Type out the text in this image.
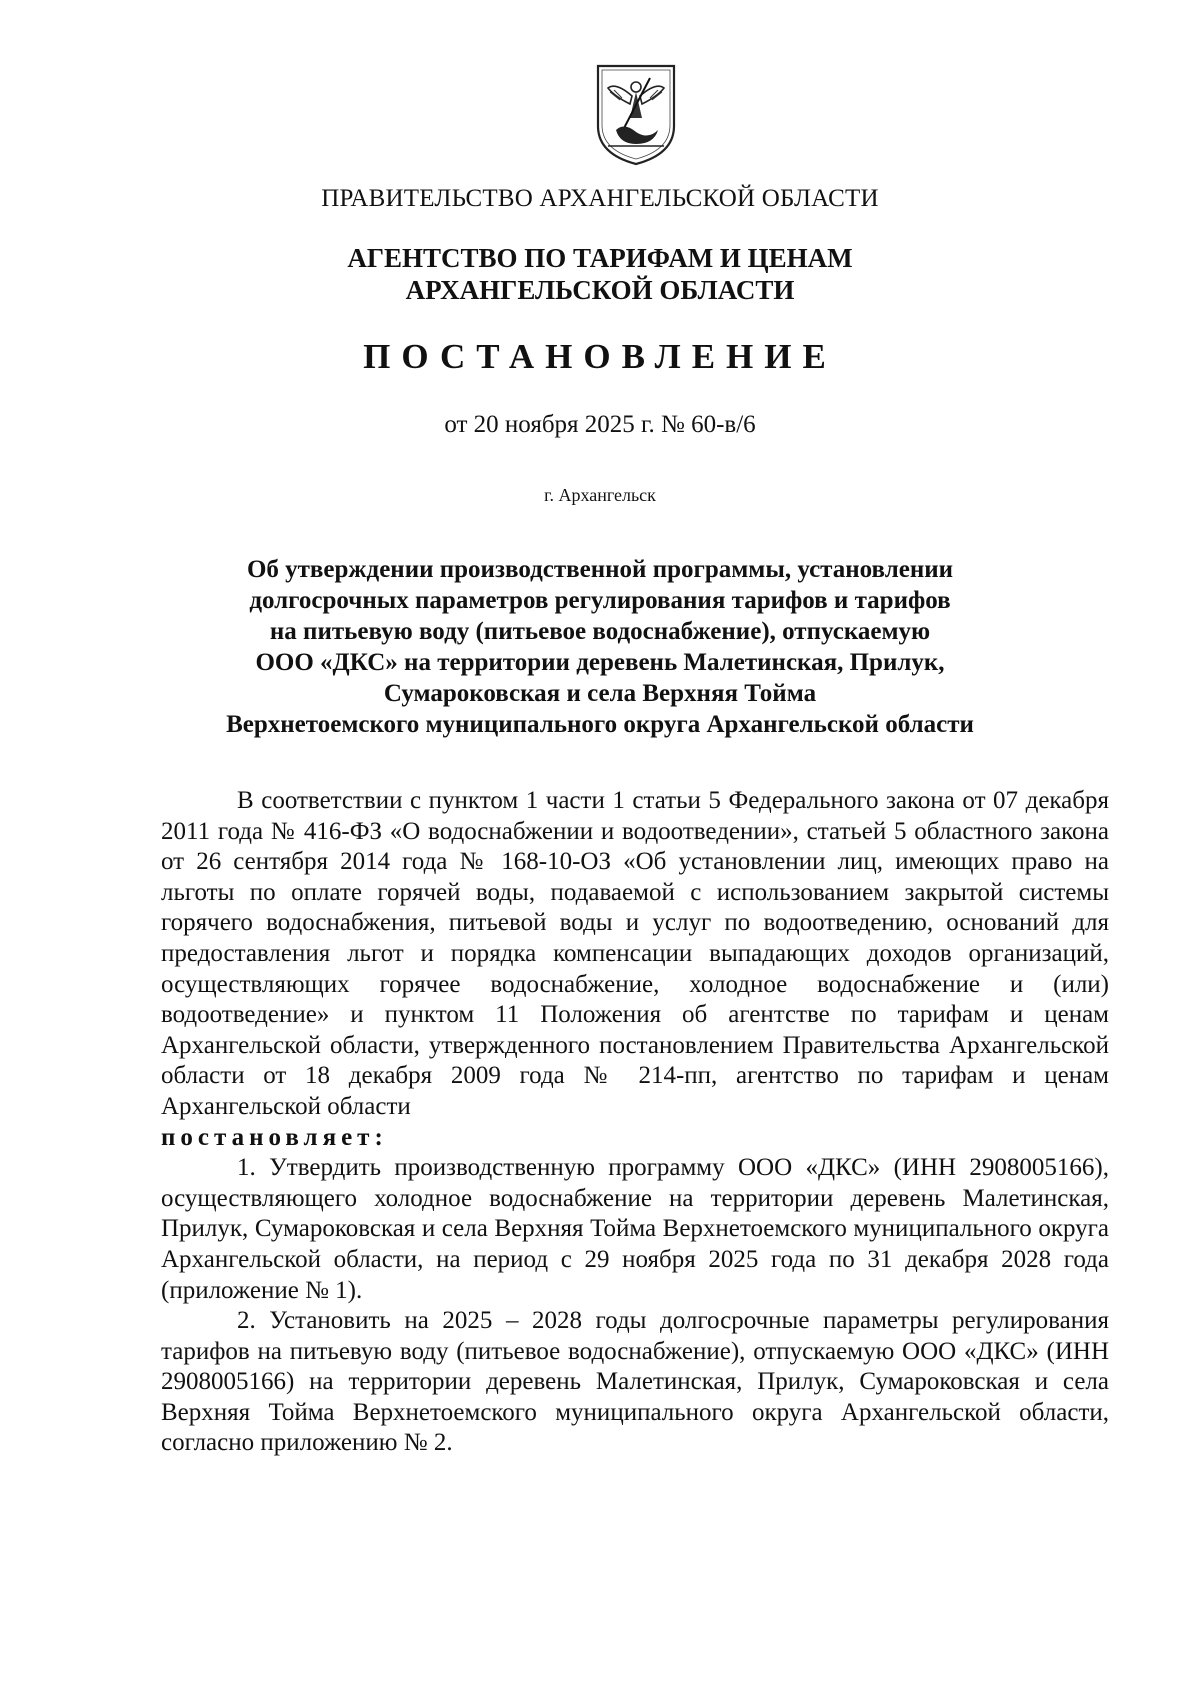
ПРАВИТЕЛЬСТВО АРХАНГЕЛЬСКОЙ ОБЛАСТИ

АГЕНТСТВО ПО ТАРИФАМ И ЦЕНАМ
АРХАНГЕЛЬСКОЙ ОБЛАСТИ

ПОСТАНОВЛЕНИЕ

от 20 ноября 2025 г. № 60-в/6

г. Архангельск

Об утверждении производственной программы, установлении
долгосрочных параметров регулирования тарифов и тарифов
на питьевую воду (питьевое водоснабжение), отпускаемую
ООО «ДКС» на территории деревень Малетинская, Прилук,
Сумароковская и села Верхняя Тойма
Верхнетоемского муниципального округа Архангельской области

В соответствии с пунктом 1 части 1 статьи 5 Федерального закона от 07 декабря 2011 года № 416-ФЗ «О водоснабжении и водоотведении», статьей 5 областного закона от 26 сентября 2014 года № 168-10-ОЗ «Об установлении лиц, имеющих право на льготы по оплате горячей воды, подаваемой с использованием закрытой системы горячего водоснабжения, питьевой воды и услуг по водоотведению, оснований для предоставления льгот и порядка компенсации выпадающих доходов организаций, осуществляющих горячее водоснабжение, холодное водоснабжение и (или) водоотведение» и пунктом 11 Положения об агентстве по тарифам и ценам Архангельской области, утвержденного постановлением Правительства Архангельской области от 18 декабря 2009 года № 214-пп, агентство по тарифам и ценам Архангельской области

постановляет:

1. Утвердить производственную программу ООО «ДКС» (ИНН 2908005166), осуществляющего холодное водоснабжение на территории деревень Малетинская, Прилук, Сумароковская и села Верхняя Тойма Верхнетоемского муниципального округа Архангельской области, на период с 29 ноября 2025 года по 31 декабря 2028 года (приложение № 1).

2. Установить на 2025 – 2028 годы долгосрочные параметры регулирования тарифов на питьевую воду (питьевое водоснабжение), отпускаемую ООО «ДКС» (ИНН 2908005166) на территории деревень Малетинская, Прилук, Сумароковская и села Верхняя Тойма Верхнетоемского муниципального округа Архангельской области, согласно приложению № 2.
